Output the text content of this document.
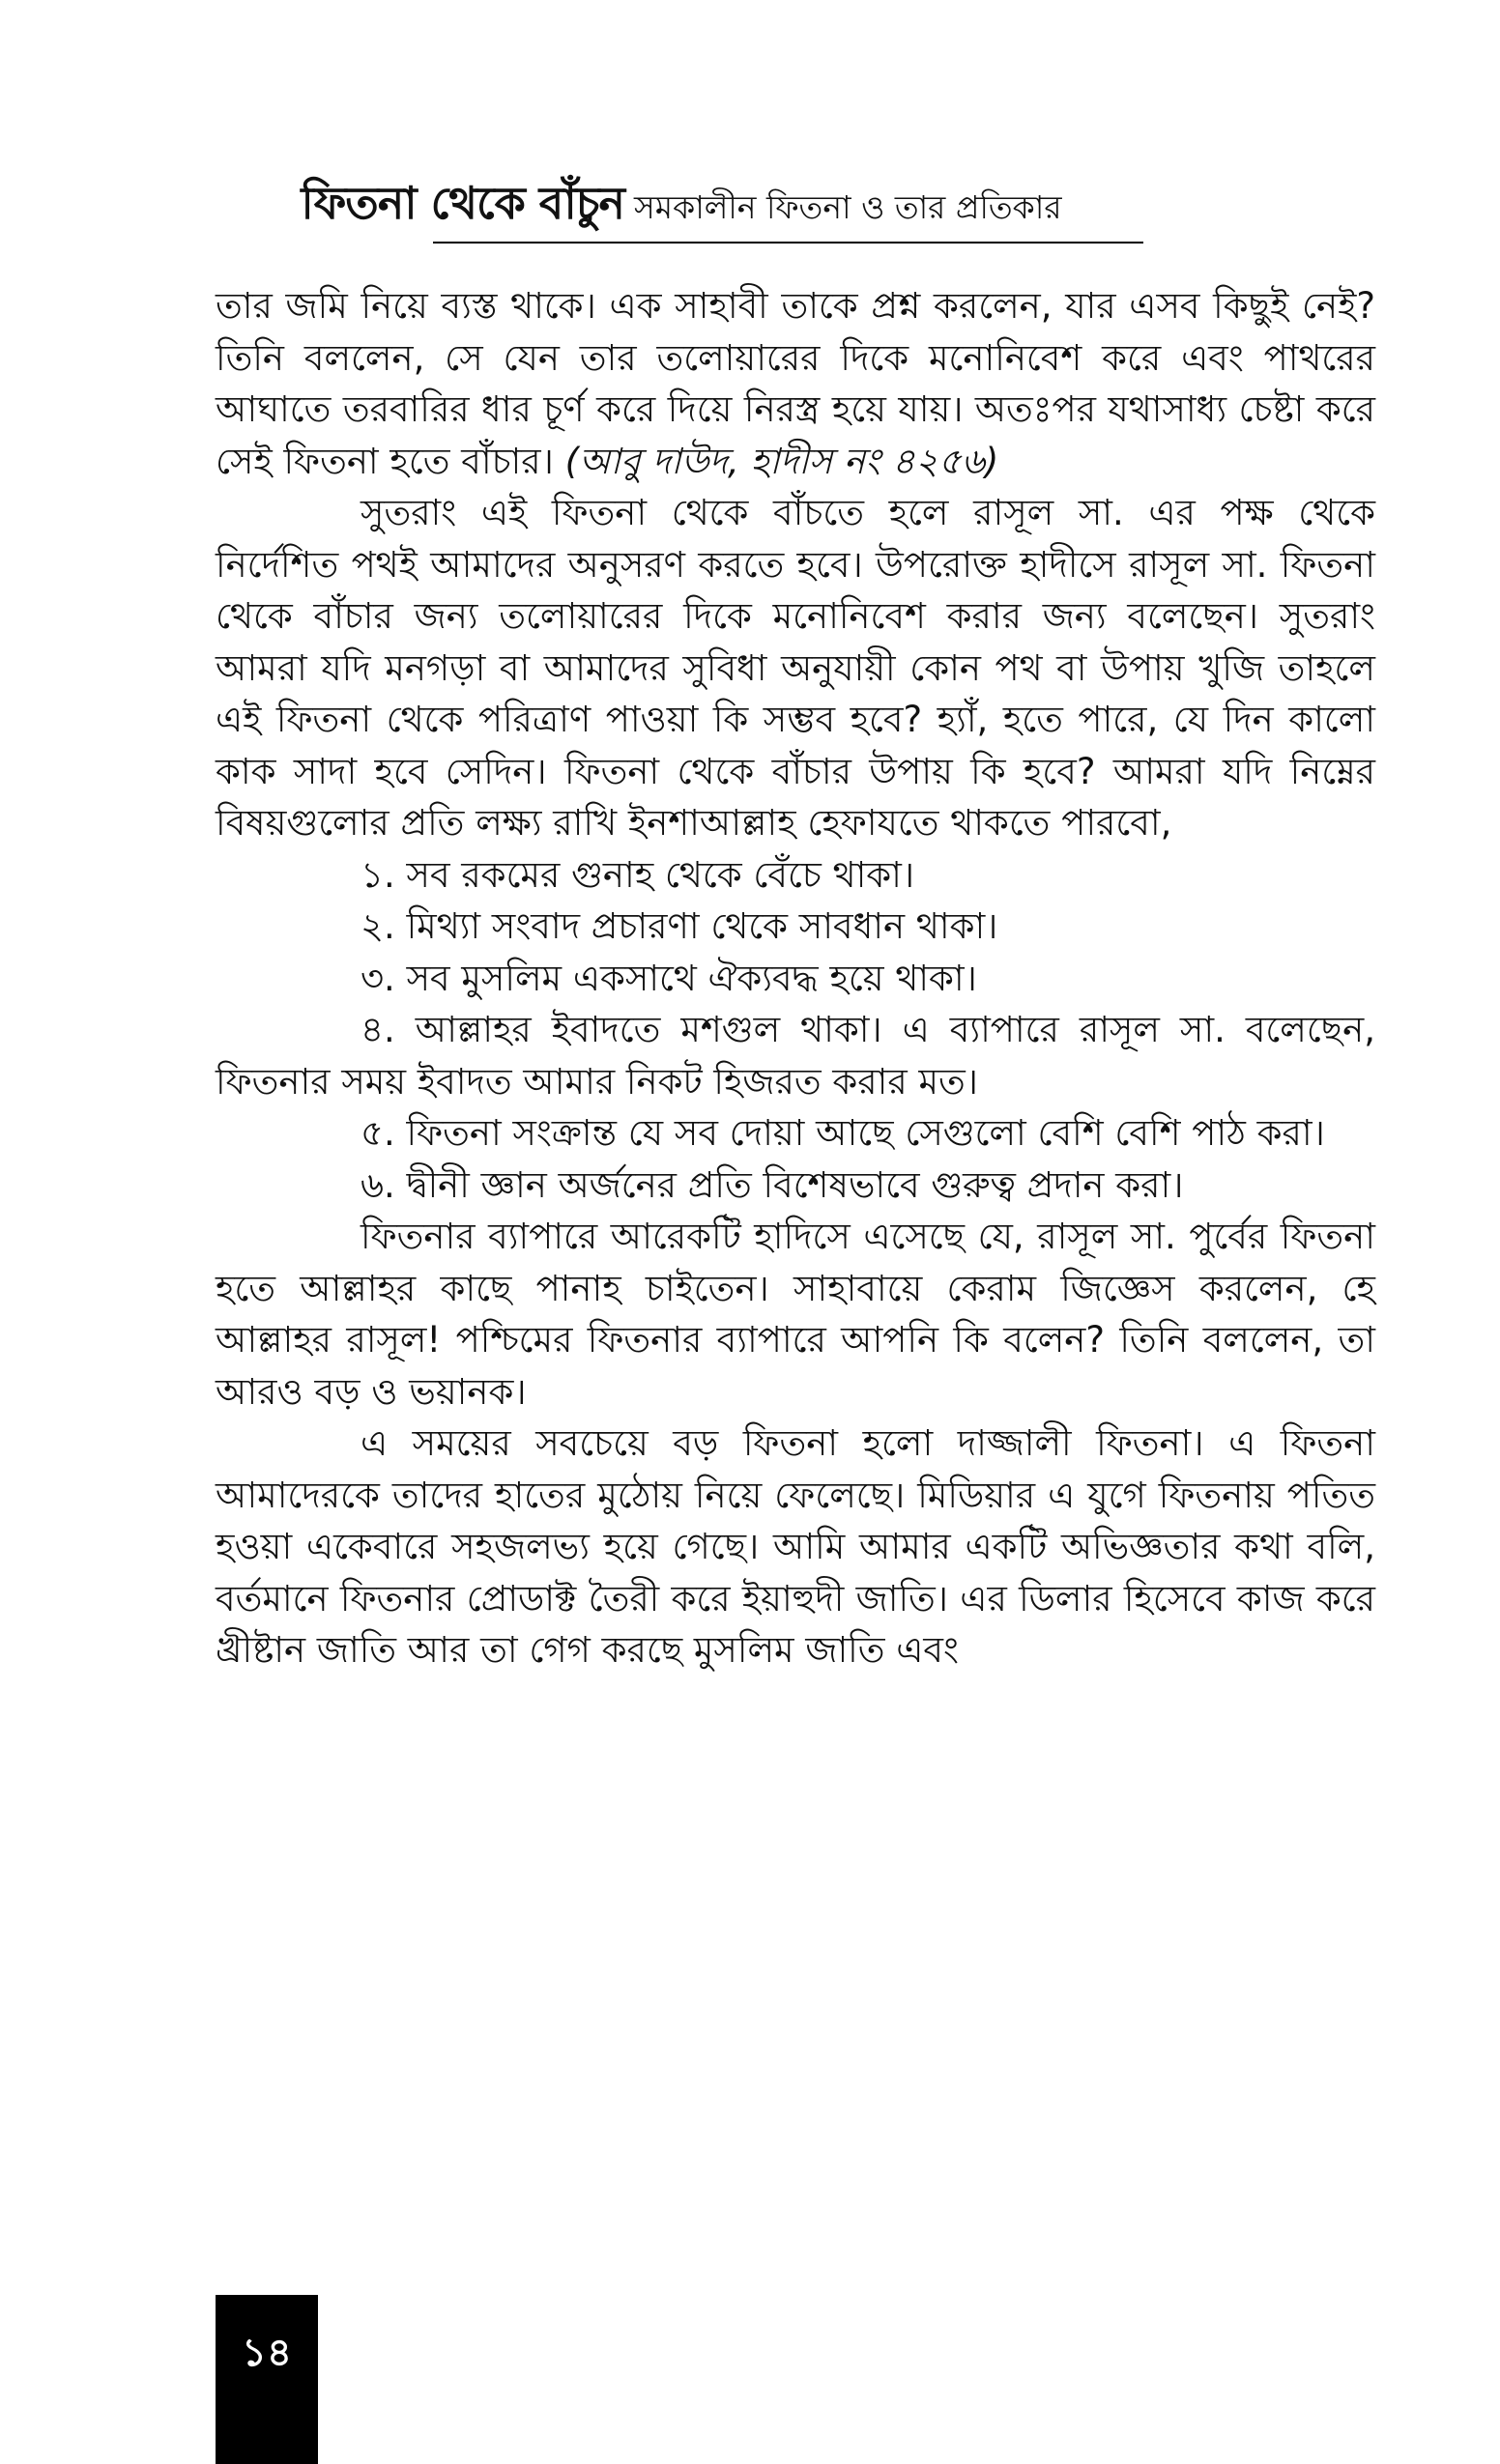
ফিতনা থেকে বাঁচুন সমকালীন ফিতনা ও তার প্রতিকার

তার জমি নিয়ে ব্যস্ত থাকে। এক সাহাবী তাকে প্রশ্ন করলেন, যার এসব কিছুই নেই? তিনি বললেন, সে যেন তার তলোয়ারের দিকে মনোনিবেশ করে এবং পাথরের আঘাতে তরবারির ধার চূর্ণ করে দিয়ে নিরস্ত্র হয়ে যায়। অতঃপর যথাসাধ্য চেষ্টা করে সেই ফিতনা হতে বাঁচার। (আবু দাউদ, হাদীস নং ৪২৫৬)

সুতরাং এই ফিতনা থেকে বাঁচতে হলে রাসূল সা. এর পক্ষ থেকে নির্দেশিত পথই আমাদের অনুসরণ করতে হবে। উপরোক্ত হাদীসে রাসূল সা. ফিতনা থেকে বাঁচার জন্য তলোয়ারের দিকে মনোনিবেশ করার জন্য বলেছেন। সুতরাং আমরা যদি মনগড়া বা আমাদের সুবিধা অনুযায়ী কোন পথ বা উপায় খুজি তাহলে এই ফিতনা থেকে পরিত্রাণ পাওয়া কি সম্ভব হবে? হ্যাঁ, হতে পারে, যে দিন কালো কাক সাদা হবে সেদিন। ফিতনা থেকে বাঁচার উপায় কি হবে? আমরা যদি নিম্নের বিষয়গুলোর প্রতি লক্ষ্য রাখি ইনশাআল্লাহ হেফাযতে থাকতে পারবো,

১. সব রকমের গুনাহ থেকে বেঁচে থাকা।

২. মিথ্যা সংবাদ প্রচারণা থেকে সাবধান থাকা।

৩. সব মুসলিম একসাথে ঐক্যবদ্ধ হয়ে থাকা।

৪. আল্লাহর ইবাদতে মশগুল থাকা। এ ব্যাপারে রাসূল সা. বলেছেন, ফিতনার সময় ইবাদত আমার নিকট হিজরত করার মত।

৫. ফিতনা সংক্রান্ত যে সব দোয়া আছে সেগুলো বেশি বেশি পাঠ করা।

৬. দ্বীনী জ্ঞান অর্জনের প্রতি বিশেষভাবে গুরুত্ব প্রদান করা।

ফিতনার ব্যাপারে আরেকটি হাদিসে এসেছে যে, রাসূল সা. পুর্বের ফিতনা হতে আল্লাহর কাছে পানাহ চাইতেন। সাহাবায়ে কেরাম জিজ্ঞেস করলেন, হে আল্লাহর রাসূল! পশ্চিমের ফিতনার ব্যাপারে আপনি কি বলেন? তিনি বললেন, তা আরও বড় ও ভয়ানক।

এ সময়ের সবচেয়ে বড় ফিতনা হলো দাজ্জালী ফিতনা। এ ফিতনা আমাদেরকে তাদের হাতের মুঠোয় নিয়ে ফেলেছে। মিডিয়ার এ যুগে ফিতনায় পতিত হওয়া একেবারে সহজলভ্য হয়ে গেছে। আমি আমার একটি অভিজ্ঞতার কথা বলি, বর্তমানে ফিতনার প্রোডাক্ট তৈরী করে ইয়াহুদী জাতি। এর ডিলার হিসেবে কাজ করে খ্রীষ্টান জাতি আর তা গেগ করছে মুসলিম জাতি এবং

১৪
